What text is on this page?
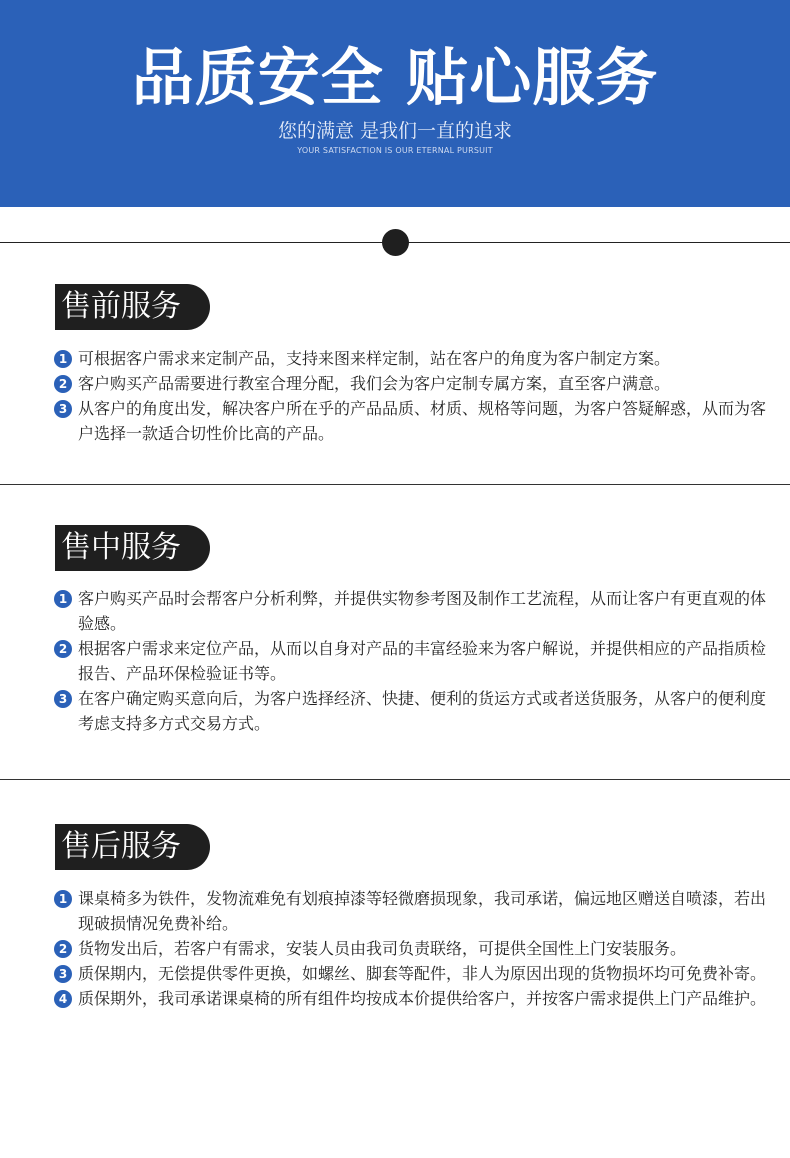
品质安全 贴心服务
您的满意 是我们一直的追求
YOUR SATISFACTION IS OUR ETERNAL PURSUIT
售前服务
1 可根据客户需求来定制产品，支持来图来样定制，站在客户的角度为客户制定方案。
2 客户购买产品需要进行教室合理分配，我们会为客户定制专属方案，直至客户满意。
3 从客户的角度出发，解决客户所在乎的产品品质、材质、规格等问题，为客户答疑解惑，从而为客户选择一款适合切性价比高的产品。
售中服务
1 客户购买产品时会帮客户分析利弊，并提供实物参考图及制作工艺流程，从而让客户有更直观的体验感。
2 根据客户需求来定位产品，从而以自身对产品的丰富经验来为客户解说，并提供相应的产品指质检报告、产品环保检验证书等。
3 在客户确定购买意向后，为客户选择经济、快捷、便利的货运方式或者送货服务，从客户的便利度考虑支持多方式交易方式。
售后服务
1 课桌椅多为铁件，发物流难免有划痕掉漆等轻微磨损现象，我司承诺，偏远地区赠送自喷漆，若出现破损情况免费补给。
2 货物发出后，若客户有需求，安装人员由我司负责联络，可提供全国性上门安装服务。
3 质保期内，无偿提供零件更换，如螺丝、脚套等配件，非人为原因出现的货物损坏均可免费补寄。
4 质保期外，我司承诺课桌椅的所有组件均按成本价提供给客户，并按客户需求提供上门产品维护。
